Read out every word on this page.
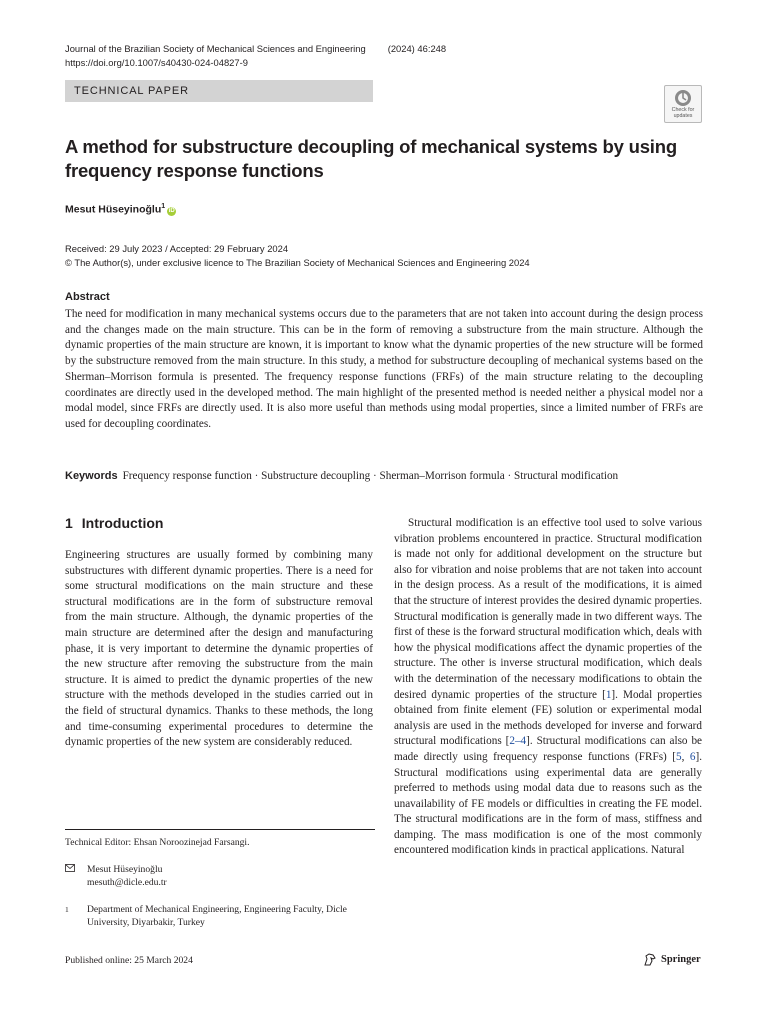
Journal of the Brazilian Society of Mechanical Sciences and Engineering (2024) 46:248
https://doi.org/10.1007/s40430-024-04827-9
TECHNICAL PAPER
Check for
updates
A method for substructure decoupling of mechanical systems by using frequency response functions
Mesut Hüseyinoğlu$^1$iD
Received: 29 July 2023 / Accepted: 29 February 2024
© The Author(s), under exclusive licence to The Brazilian Society of Mechanical Sciences and Engineering 2024
Abstract

The need for modification in many mechanical systems occurs due to the parameters that are not taken into account during the design process and the changes made on the main structure. This can be in the form of removing a substructure from the main structure. Although the dynamic properties of the main structure are known, it is important to know what the dynamic properties of the new structure will be formed by the substructure removed from the main structure. In this study, a method for substructure decoupling of mechanical systems based on the Sherman–Morrison formula is presented. The frequency response functions (FRFs) of the main structure relating to the decoupling coordinates are directly used in the developed method. The main highlight of the presented method is needed neither a physical model nor a modal model, since FRFs are directly used. It is also more useful than methods using modal properties, since a limited number of FRFs are used for decoupling coordinates.

Keywords Frequency response function · Substructure decoupling · Sherman–Morrison formula · Structural modification
1 Introduction

Engineering structures are usually formed by combining many substructures with different dynamic properties. There is a need for some structural modifications on the main structure and these structural modifications are in the form of substructure removal from the main structure. Although, the dynamic properties of the main structure are determined after the design and manufacturing phase, it is very important to determine the dynamic properties of the new structure after removing the substructure from the main structure. It is aimed to predict the dynamic properties of the new structure with the methods developed in the studies carried out in the field of structural dynamics. Thanks to these methods, the long and time-consuming experimental procedures to determine the dynamic properties of the new system are considerably reduced.

Structural modification is an effective tool used to solve various vibration problems encountered in practice. Structural modification is made not only for additional development on the structure but also for vibration and noise problems that are not taken into account in the design process. As a result of the modifications, it is aimed that the structure of interest provides the desired dynamic properties. Structural modification is generally made in two different ways. The first of these is the forward structural modification which, deals with how the physical modifications affect the dynamic properties of the structure. The other is inverse structural modification, which deals with the determination of the necessary modifications to obtain the desired dynamic properties of the structure [1]. Modal properties obtained from finite element (FE) solution or experimental modal analysis are used in the methods developed for inverse and forward structural modifications [2–4]. Structural modifications can also be made directly using frequency response functions (FRFs) [5, 6]. Structural modifications using experimental data are generally preferred to methods using modal data due to reasons such as the unavailability of FE models or difficulties in creating the FE model. The structural modifications are in the form of mass, stiffness and damping. The mass modification is one of the most commonly encountered modification kinds in practical applications. Natural

Technical Editor: Ehsan Noroozinejad Farsangi.

Mesut Hüseyinoğlu
mesuth@dicle.edu.tr
1	Department of Mechanical Engineering, Engineering Faculty, Dicle University, Diyarbakir, Turkey
Published online: 25 March 2024	Springer
